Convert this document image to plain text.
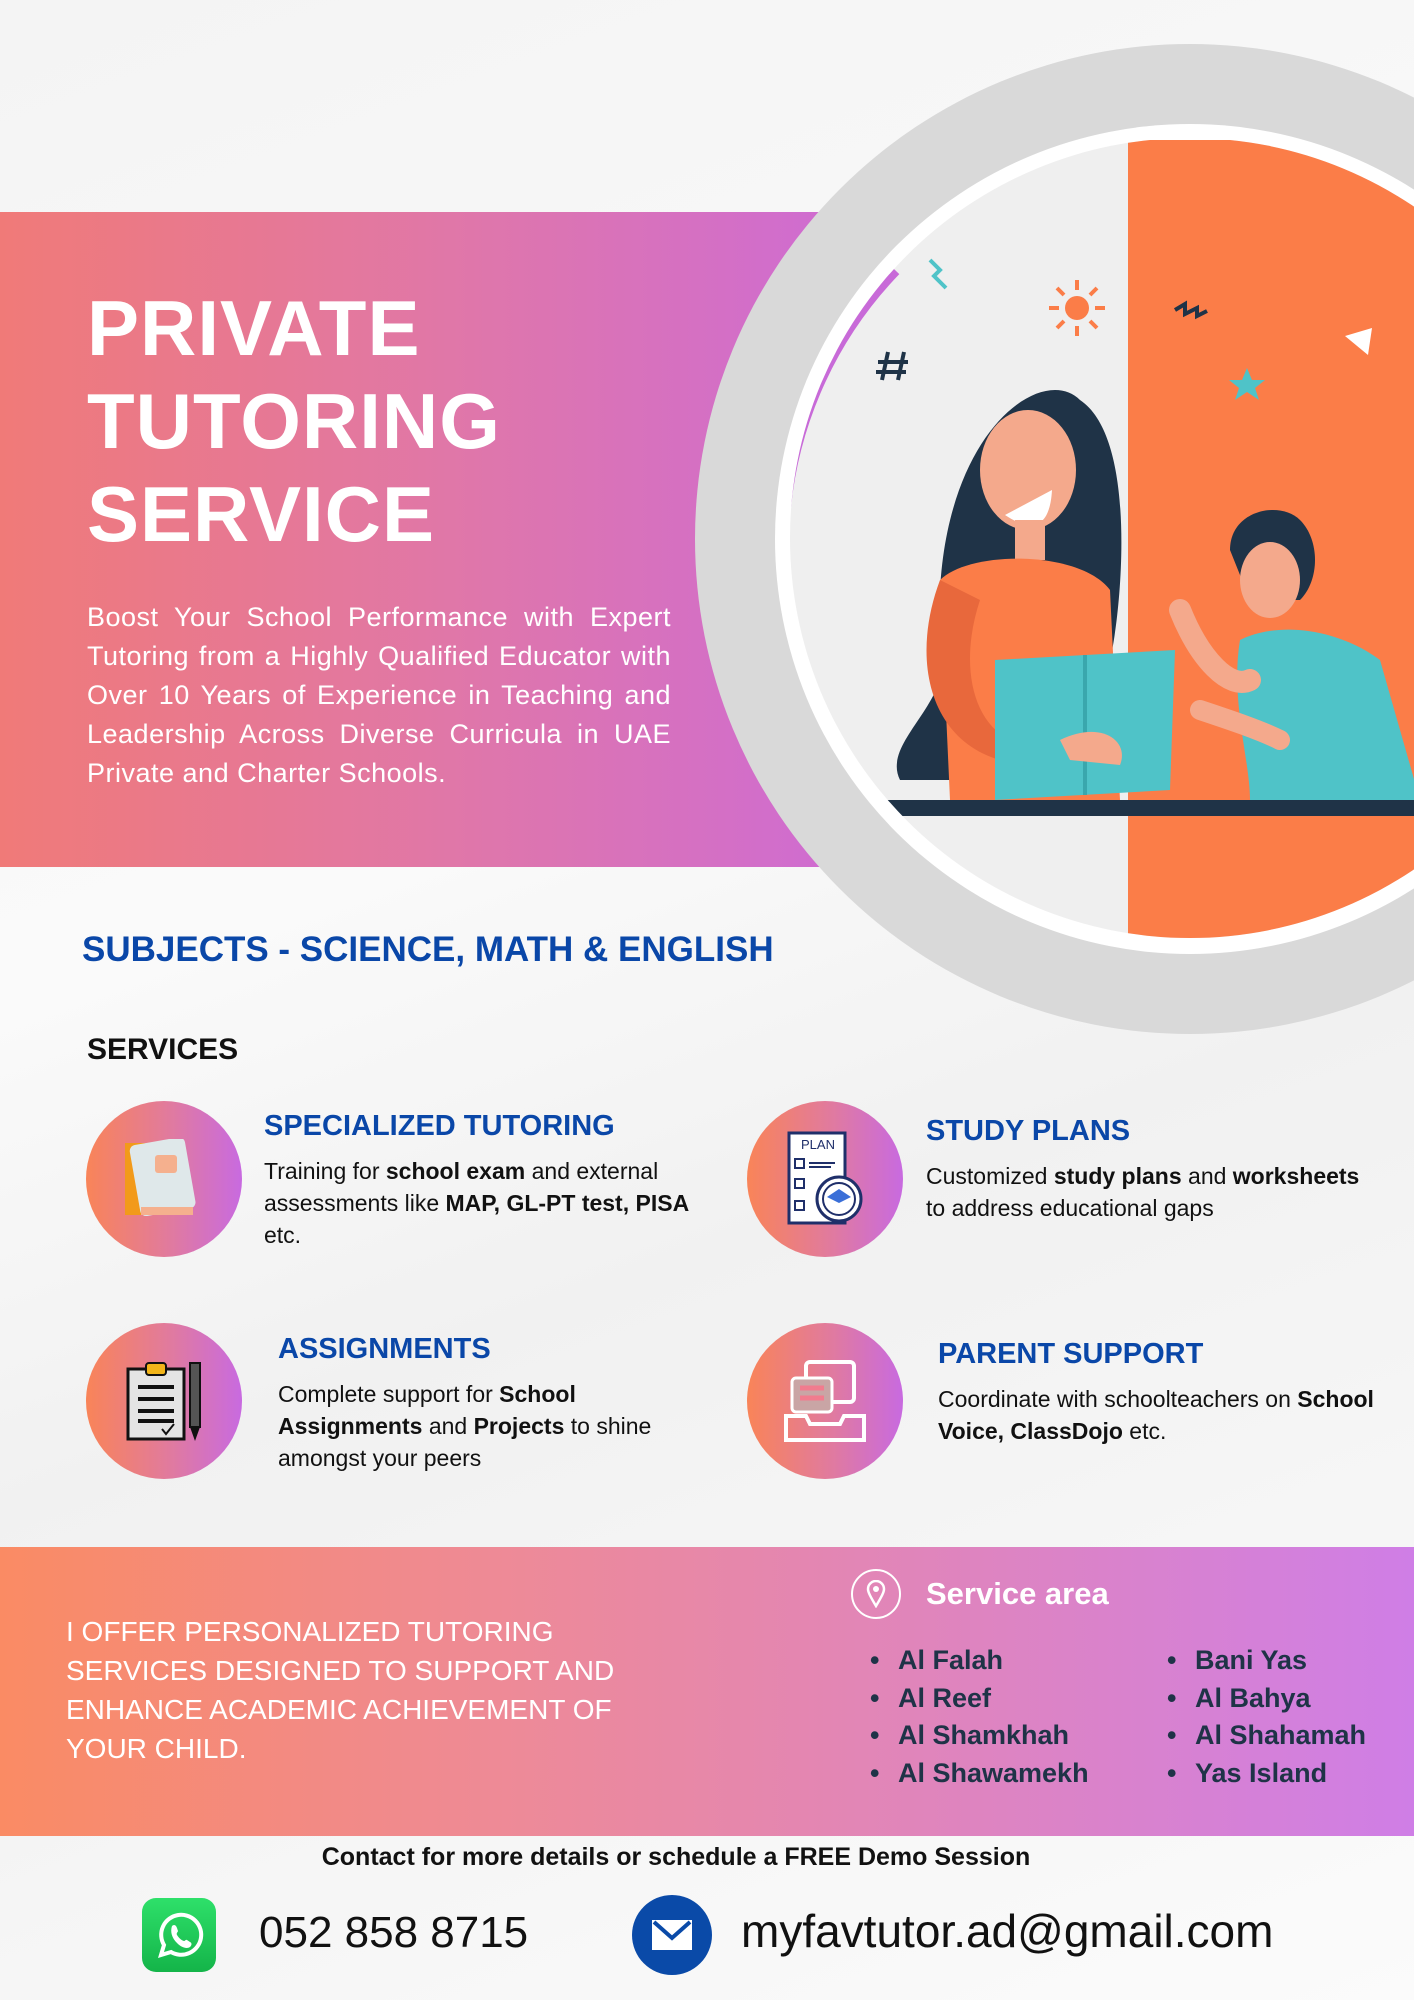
PRIVATE
TUTORING
SERVICE

Boost Your School Performance with Expert Tutoring from a Highly Qualified Educator with Over 10 Years of Experience in Teaching and Leadership Across Diverse Curricula in UAE Private and Charter Schools.

SUBJECTS - SCIENCE, MATH & ENGLISH
SERVICES
SPECIALIZED TUTORING
Training for school exam and external assessments like MAP, GL-PT test, PISA etc.
PLAN	STUDY PLANS
Customized study plans and worksheets to address educational gaps
ASSIGNMENTS
Complete support for School Assignments and Projects to shine amongst your peers
PARENT SUPPORT
Coordinate with schoolteachers on School Voice, ClassDojo etc.

I OFFER PERSONALIZED TUTORING SERVICES DESIGNED TO SUPPORT AND ENHANCE ACADEMIC ACHIEVEMENT OF YOUR CHILD.

Service area
• Al Falah
• Al Reef
• Al Shamkhah
• Al Shawamekh
• Bani Yas
• Al Bahya
• Al Shahamah
• Yas Island
Contact for more details or schedule a FREE Demo Session
052 858 8715	myfavtutor.ad@gmail.com
